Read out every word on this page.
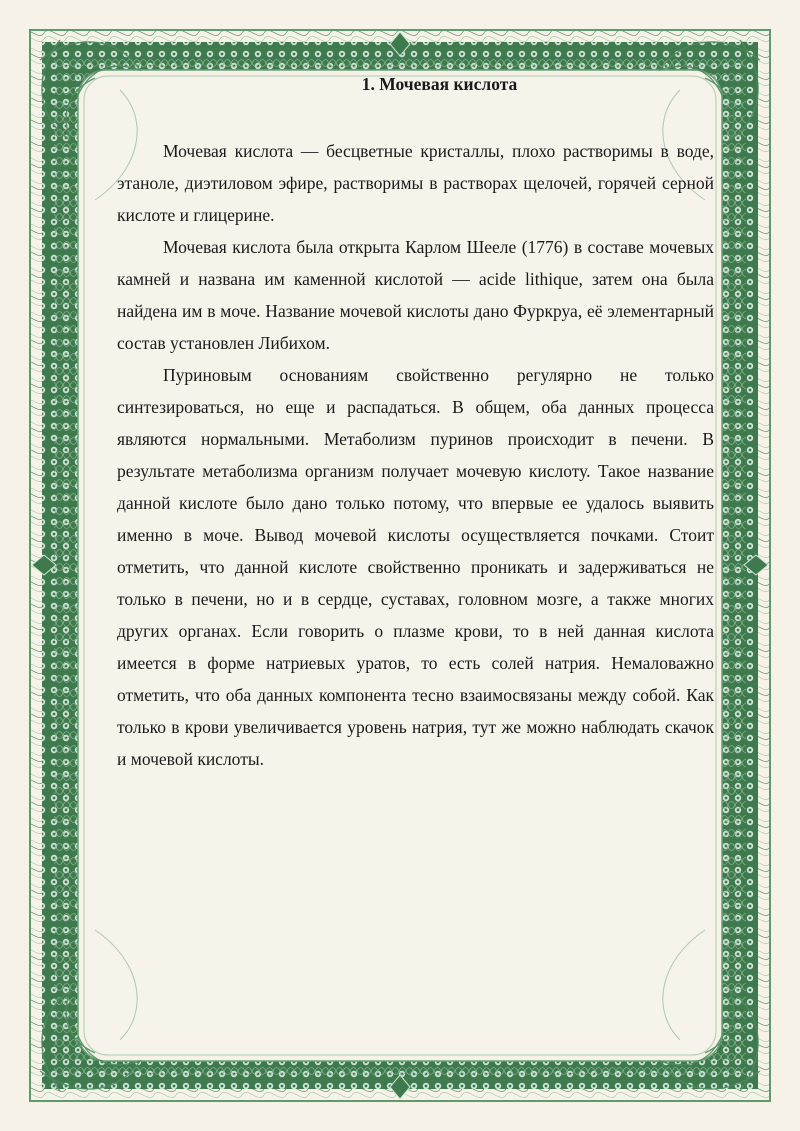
1. Мочевая кислота

Мочевая кислота — бесцветные кристаллы, плохо растворимы в воде, этаноле, диэтиловом эфире, растворимы в растворах щелочей, горячей серной кислоте и глицерине.

Мочевая кислота была открыта Карлом Шееле (1776) в составе мочевых камней и названа им каменной кислотой — acide lithique, затем она была найдена им в моче. Название мочевой кислоты дано Фуркруа, её элементарный состав установлен Либихом.

Пуриновым основаниям свойственно регулярно не только синтезироваться, но еще и распадаться. В общем, оба данных процесса являются нормальными. Метаболизм пуринов происходит в печени. В результате метаболизма организм получает мочевую кислоту. Такое название данной кислоте было дано только потому, что впервые ее удалось выявить именно в моче. Вывод мочевой кислоты осуществляется почками. Стоит отметить, что данной кислоте свойственно проникать и задерживаться не только в печени, но и в сердце, суставах, головном мозге, а также многих других органах. Если говорить о плазме крови, то в ней данная кислота имеется в форме натриевых уратов, то есть солей натрия. Немаловажно отметить, что оба данных компонента тесно взаимосвязаны между собой. Как только в крови увеличивается уровень натрия, тут же можно наблюдать скачок и мочевой кислоты.
